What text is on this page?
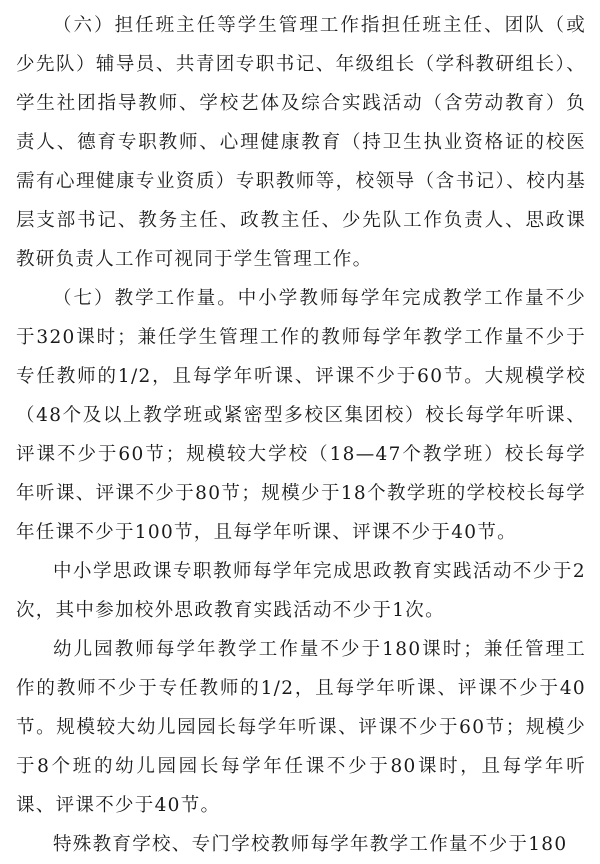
（六）担任班主任等学生管理工作指担任班主任、团队（或少先队）辅导员、共青团专职书记、年级组长（学科教研组长）、学生社团指导教师、学校艺体及综合实践活动（含劳动教育）负责人、德育专职教师、心理健康教育（持卫生执业资格证的校医需有心理健康专业资质）专职教师等，校领导（含书记）、校内基层支部书记、教务主任、政教主任、少先队工作负责人、思政课教研负责人工作可视同于学生管理工作。

（七）教学工作量。中小学教师每学年完成教学工作量不少于320课时；兼任学生管理工作的教师每学年教学工作量不少于专任教师的1/2，且每学年听课、评课不少于60节。大规模学校（48个及以上教学班或紧密型多校区集团校）校长每学年听课、评课不少于60节；规模较大学校（18—47个教学班）校长每学年听课、评课不少于80节；规模少于18个教学班的学校校长每学年任课不少于100节，且每学年听课、评课不少于40节。

中小学思政课专职教师每学年完成思政教育实践活动不少于2次，其中参加校外思政教育实践活动不少于1次。

幼儿园教师每学年教学工作量不少于180课时；兼任管理工作的教师不少于专任教师的1/2，且每学年听课、评课不少于40节。规模较大幼儿园园长每学年听课、评课不少于60节；规模少于8个班的幼儿园园长每学年任课不少于80课时，且每学年听课、评课不少于40节。

特殊教育学校、专门学校教师每学年教学工作量不少于180
